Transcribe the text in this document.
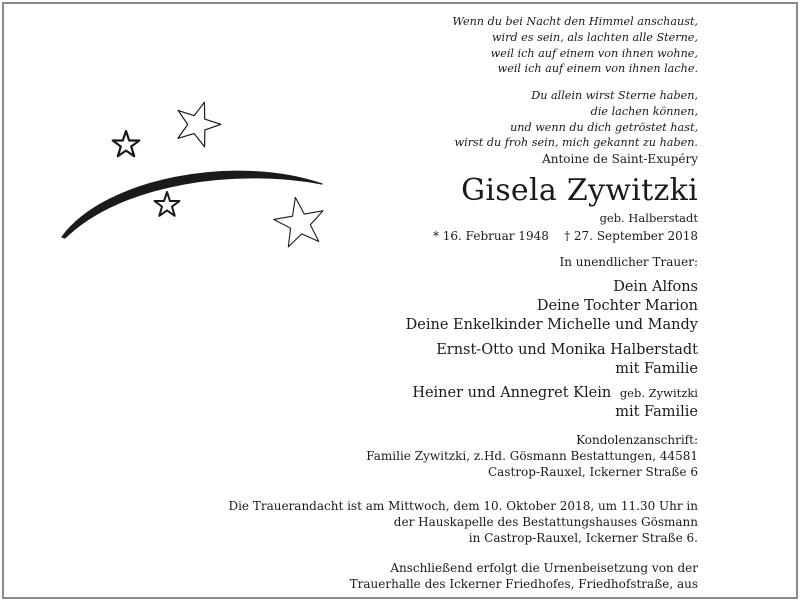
Wenn du bei Nacht den Himmel anschaust,
wird es sein, als lachten alle Sterne,
weil ich auf einem von ihnen wohne,
weil ich auf einem von ihnen lache.
Du allein wirst Sterne haben,
die lachen können,
und wenn du dich getröstet hast,
wirst du froh sein, mich gekannt zu haben.
Antoine de Saint-Exupéry
Gisela Zywitzki
geb. Halberstadt
* 16. Februar 1948    † 27. September 2018
In unendlicher Trauer:
Dein Alfons
Deine Tochter Marion
Deine Enkelkinder Michelle und Mandy
Ernst-Otto und Monika Halberstadt
mit Familie
Heiner und Annegret Klein geb. Zywitzki
mit Familie
Kondolenzanschrift:
Familie Zywitzki, z.Hd. Gösmann Bestattungen, 44581
Castrop-Rauxel, Ickerner Straße 6
Die Trauerandacht ist am Mittwoch, dem 10. Oktober 2018, um 11.30 Uhr in
der Hauskapelle des Bestattungshauses Gösmann
in Castrop-Rauxel, Ickerner Straße 6.
Anschließend erfolgt die Urnenbeisetzung von der
Trauerhalle des Ickerner Friedhofes, Friedhofstraße, aus
